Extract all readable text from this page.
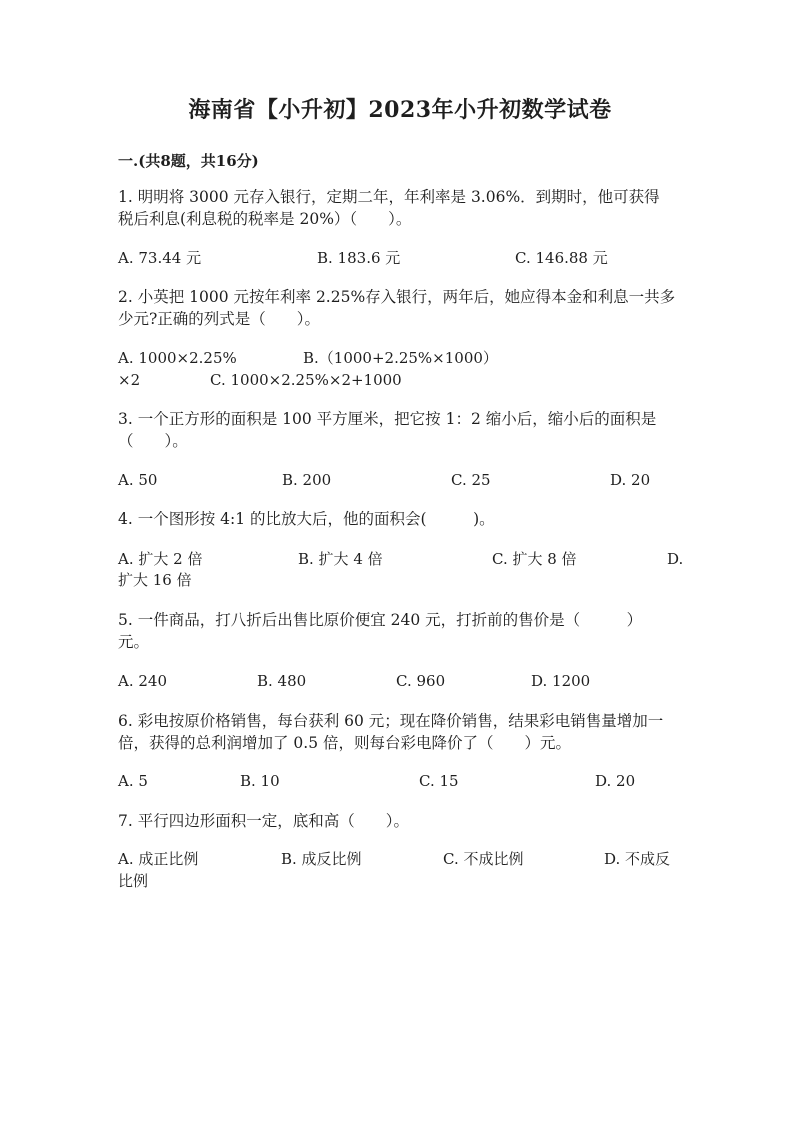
海南省【小升初】2023年小升初数学试卷
一.(共8题，共16分)
1. 明明将 3000 元存入银行，定期二年，年利率是 3.06%．到期时，他可获得
税后利息(利息税的税率是 20%）（　　）。
A. 73.44 元	B. 183.6 元	C. 146.88 元
2. 小英把 1000 元按年利率 2.25%存入银行，两年后，她应得本金和利息一共多
少元?正确的列式是（　　）。
A. 1000×2.25%	B.（1000+2.25%×1000）
×2	C. 1000×2.25%×2+1000
3. 一个正方形的面积是 100 平方厘米，把它按 1：2 缩小后，缩小后的面积是
（　　）。
A. 50	B. 200	C. 25	D. 20
4. 一个图形按 4:1 的比放大后，他的面积会(　　　)。
A. 扩大 2 倍	B. 扩大 4 倍	C. 扩大 8 倍	D.
扩大 16 倍
5. 一件商品，打八折后出售比原价便宜 240 元，打折前的售价是（　　　）
元。
A. 240	B. 480	C. 960	D. 1200
6. 彩电按原价格销售，每台获利 60 元；现在降价销售，结果彩电销售量增加一
倍，获得的总利润增加了 0.5 倍，则每台彩电降价了（　　）元。
A. 5	B. 10	C. 15	D. 20
7. 平行四边形面积一定，底和高（　　）。
A. 成正比例	B. 成反比例	C. 不成比例	D. 不成反
比例
